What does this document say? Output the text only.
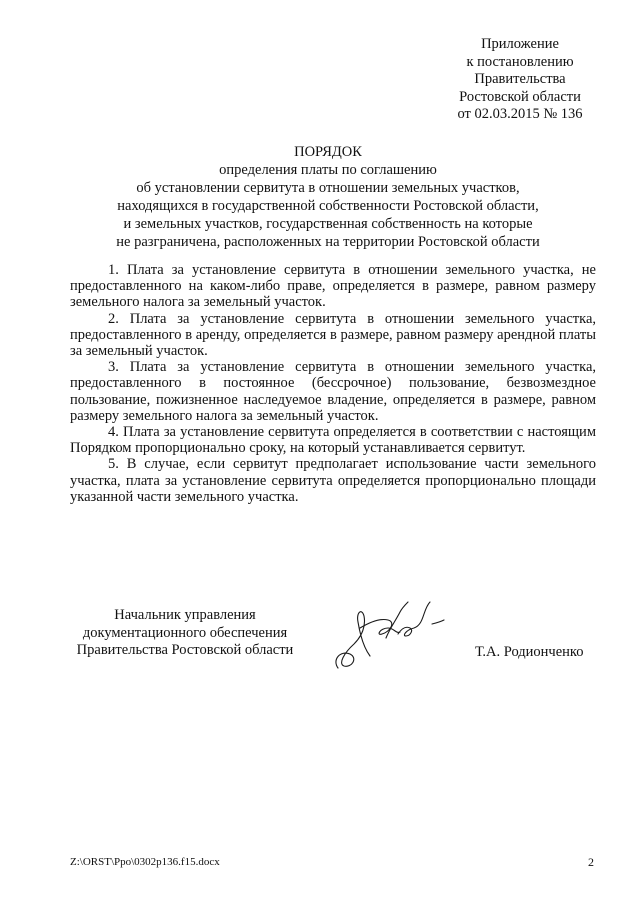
Приложение
к постановлению
Правительства
Ростовской области
от 02.03.2015 № 136
ПОРЯДОК
определения платы по соглашению
об установлении сервитута в отношении земельных участков,
находящихся в государственной собственности Ростовской области,
и земельных участков, государственная собственность на которые
не разграничена, расположенных на территории Ростовской области

1. Плата за установление сервитута в отношении земельного участка, не предоставленного на каком-либо праве, определяется в размере, равном размеру земельного налога за земельный участок.

2. Плата за установление сервитута в отношении земельного участка, предоставленного в аренду, определяется в размере, равном размеру арендной платы за земельный участок.

3. Плата за установление сервитута в отношении земельного участка, предоставленного в постоянное (бессрочное) пользование, безвозмездное пользование, пожизненное наследуемое владение, определяется в размере, равном размеру земельного налога за земельный участок.

4. Плата за установление сервитута определяется в соответствии с настоящим Порядком пропорционально сроку, на который устанавливается сервитут.

5. В случае, если сервитут предполагает использование части земельного участка, плата за установление сервитута определяется пропорционально площади указанной части земельного участка.

Начальник управления
документационного обеспечения
Правительства Ростовской области	Т.А. Родионченко
Z:\ORST\Ppo\0302p136.f15.docx	2
